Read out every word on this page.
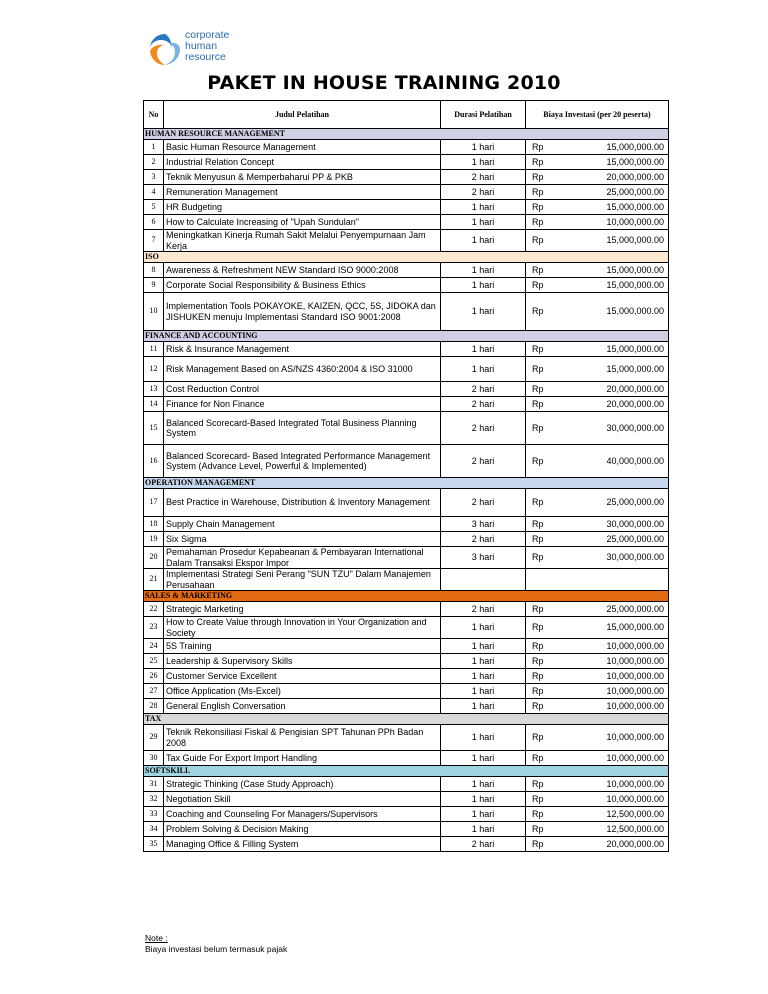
corporate
human
resource
PAKET IN HOUSE TRAINING 2010
No	Judul Pelatihan	Durasi Pelatihan	Biaya Investasi (per 20 peserta)	
HUMAN RESOURCE MANAGEMENT				
1	Basic Human Resource Management	1 hari	Rp	15,000,000.00
2	Industrial Relation Concept	1 hari	Rp	15,000,000.00
3	Teknik Menyusun & Memperbaharui PP & PKB	2 hari	Rp	20,000,000.00
4	Remuneration Management	2 hari	Rp	25,000,000.00
5	HR Budgeting	1 hari	Rp	15,000,000.00
6	How to Calculate Increasing of "Upah Sundulan"	1 hari	Rp	10,000,000.00
7	Meningkatkan Kinerja Rumah Sakit Melalui Penyempurnaan Jam Kerja	1 hari	Rp	15,000,000.00
ISO				
8	Awareness & Refreshment NEW Standard ISO 9000:2008	1 hari	Rp	15,000,000.00
9	Corporate Social Responsibility & Business Ethics	1 hari	Rp	15,000,000.00
10	Implementation Tools POKAYOKE, KAIZEN, QCC, 5S, JIDOKA dan JISHUKEN menuju Implementasi Standard ISO 9001:2008	1 hari	Rp	15,000,000.00
FINANCE AND ACCOUNTING				
11	Risk & Insurance Management	1 hari	Rp	15,000,000.00
12	Risk Management Based on AS/NZS 4360:2004 & ISO 31000	1 hari	Rp	15,000,000.00
13	Cost Reduction Control	2 hari	Rp	20,000,000.00
14	Finance for Non Finance	2 hari	Rp	20,000,000.00
15	Balanced Scorecard-Based Integrated Total Business Planning System	2 hari	Rp	30,000,000.00
16	Balanced Scorecard- Based Integrated Performance Management System (Advance Level, Powerful & Implemented)	2 hari	Rp	40,000,000.00
OPERATION MANAGEMENT				
17	Best Practice in Warehouse, Distribution & Inventory Management	2 hari	Rp	25,000,000.00
18	Supply Chain Management	3 hari	Rp	30,000,000.00
19	Six Sigma	2 hari	Rp	25,000,000.00
20	Pemahaman Prosedur Kepabeanan & Pembayaran International Dalam Transaksi Ekspor Impor	3 hari	Rp	30,000,000.00
21	Implementasi Strategi Seni Perang "SUN TZU" Dalam Manajemen Perusahaan			
SALES & MARKETING				
22	Strategic Marketing	2 hari	Rp	25,000,000.00
23	How to Create Value through Innovation in Your Organization and Society	1 hari	Rp	15,000,000.00
24	5S Training	1 hari	Rp	10,000,000.00
25	Leadership & Supervisory Skills	1 hari	Rp	10,000,000.00
26	Customer Service Excellent	1 hari	Rp	10,000,000.00
27	Office Application (Ms-Excel)	1 hari	Rp	10,000,000.00
28	General English Conversation	1 hari	Rp	10,000,000.00
TAX				
29	Teknik Rekonsiliasi Fiskal & Pengisian SPT Tahunan PPh Badan 2008	1 hari	Rp	10,000,000.00
30	Tax Guide For Export Import Handling	1 hari	Rp	10,000,000.00
SOFTSKILL				
31	Strategic Thinking (Case Study Approach)	1 hari	Rp	10,000,000.00
32	Negotiation Skill	1 hari	Rp	10,000,000.00
33	Coaching and Counseling For Managers/Supervisors	1 hari	Rp	12,500,000.00
34	Problem Solving & Decision Making	1 hari	Rp	12,500,000.00
35	Managing Office & Filling System	2 hari	Rp	20,000,000.00
Note :
Biaya investasi belum termasuk pajak
